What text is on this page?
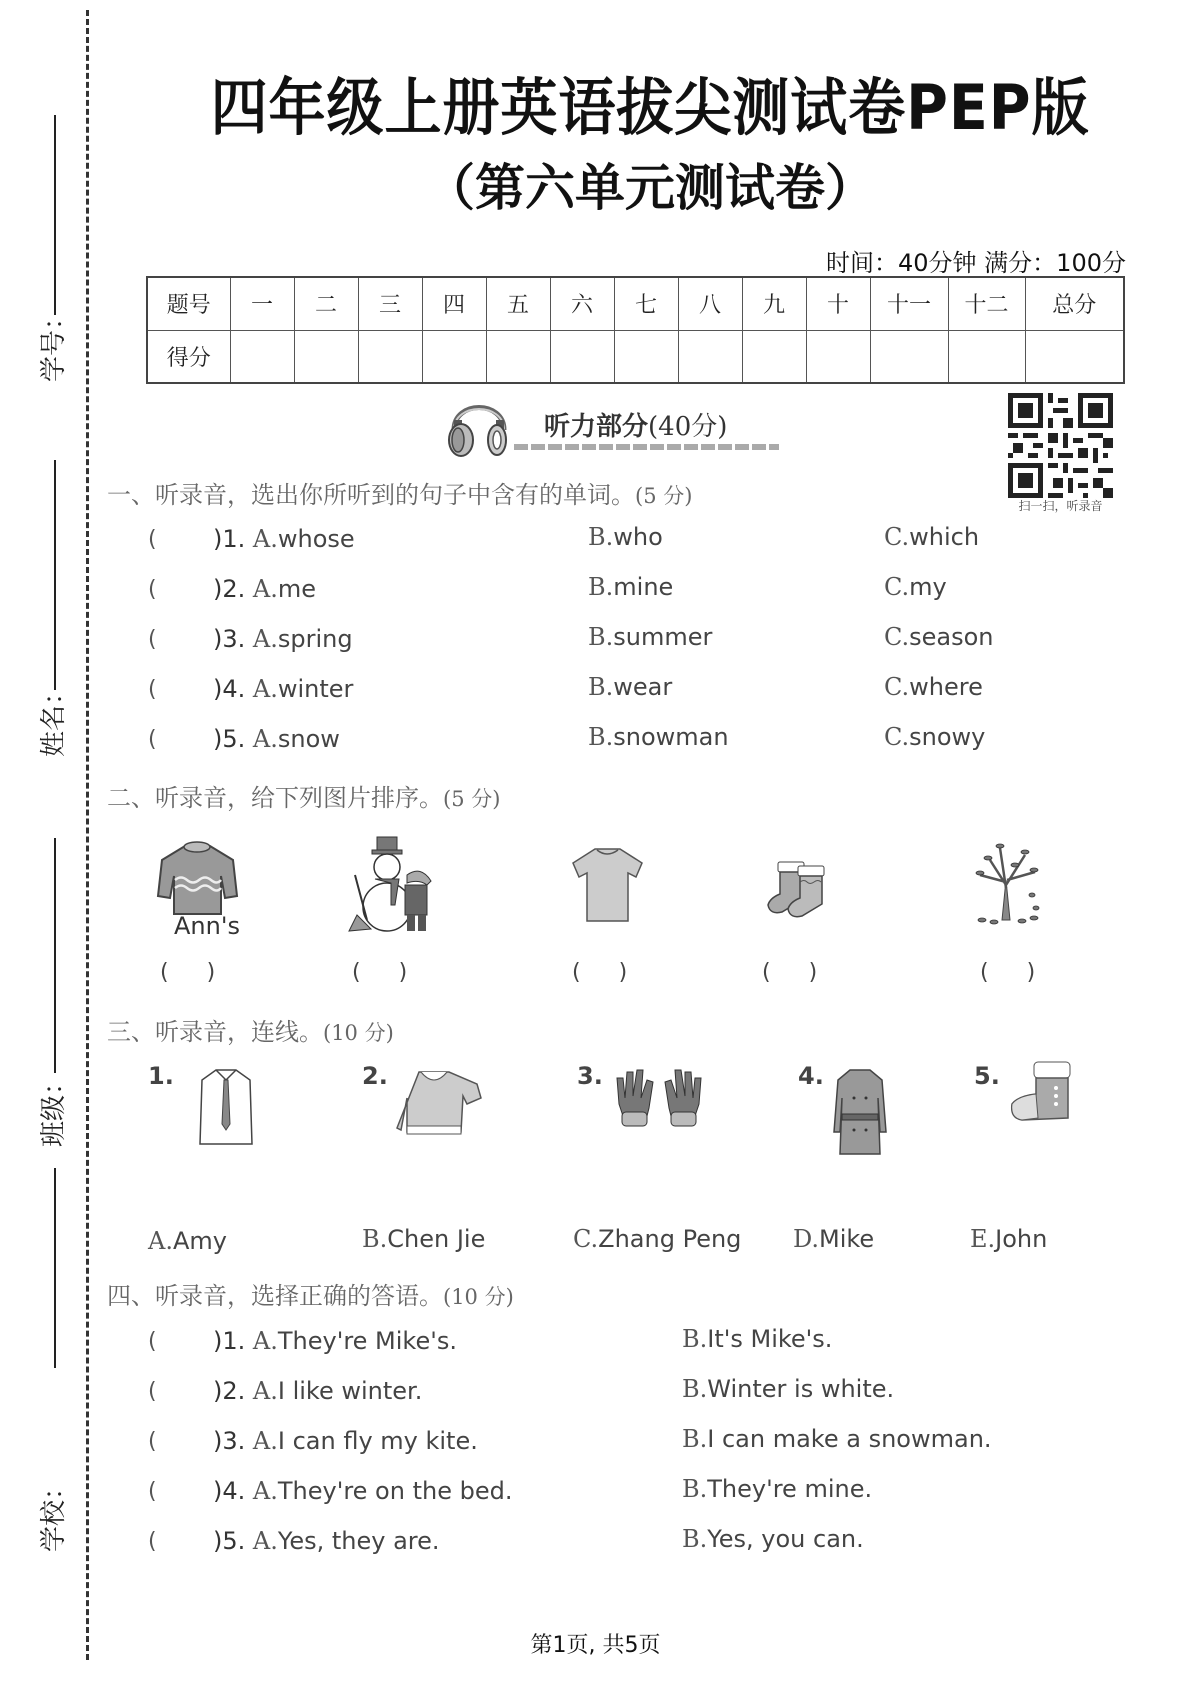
学号：
姓名：
班级：
学校：
四年级上册英语拔尖测试卷PEP版
（第六单元测试卷）
时间：40分钟 满分：100分
题号	一	二	三	四	五	六	七	八	九	十	十一	十二	总分
得分													
听力部分(40分)
扫一扫，听录音
一、听录音，选出你所听到的句子中含有的单词。(5 分)
( )1. A.whose	B.who	C.which
( )2. A.me	B.mine	C.my
( )3. A.spring	B.summer	C.season
( )4. A.winter	B.wear	C.where
( )5. A.snow	B.snowman	C.snowy
二、听录音，给下列图片排序。(5 分)
Ann's
()	()	()	()	()
三、听录音，连线。(10 分)
1.	2.	3.	4.	5.
A.Amy	B.Chen Jie	C.Zhang Peng D.Mike	E.John
四、听录音，选择正确的答语。(10 分)
( )1. A.They're Mike's.	B.It's Mike's.
( )2. A.I like winter.	B.Winter is white.
( )3. A.I can fly my kite.	B.I can make a snowman.
( )4. A.They're on the bed.	B.They're mine.
( )5. A.Yes, they are.	B.Yes, you can.
第1页, 共5页
